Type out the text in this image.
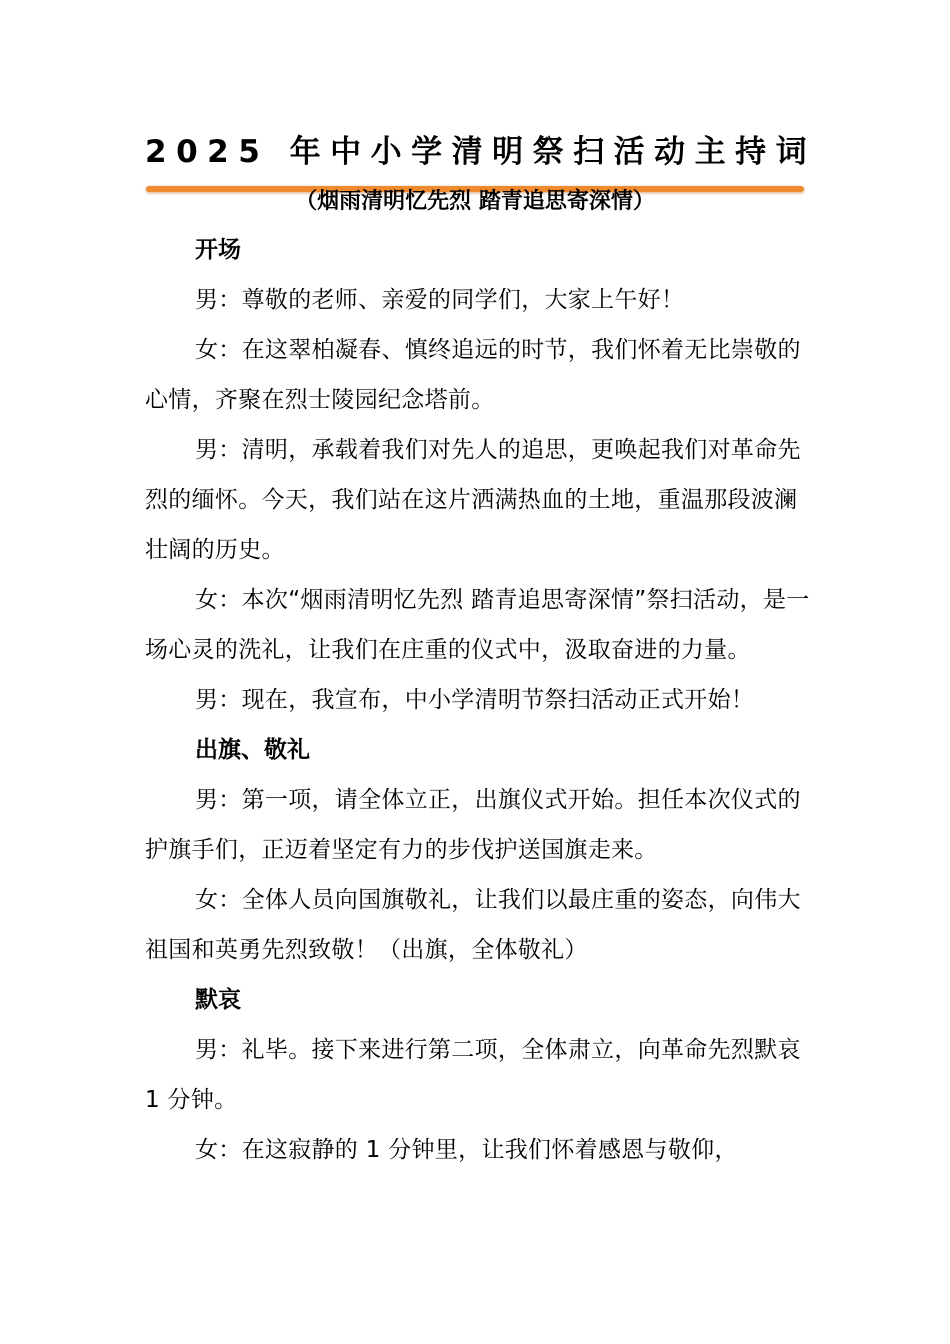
2025 年中小学清明祭扫活动主持词
（烟雨清明忆先烈 踏青追思寄深情）

开场

男：尊敬的老师、亲爱的同学们，大家上午好！

女：在这翠柏凝春、慎终追远的时节，我们怀着无比崇敬的心情，齐聚在烈士陵园纪念塔前。

男：清明，承载着我们对先人的追思，更唤起我们对革命先烈的缅怀。今天，我们站在这片洒满热血的土地，重温那段波澜壮阔的历史。

女：本次“烟雨清明忆先烈 踏青追思寄深情”祭扫活动，是一场心灵的洗礼，让我们在庄重的仪式中，汲取奋进的力量。

男：现在，我宣布，中小学清明节祭扫活动正式开始！

出旗、敬礼

男：第一项，请全体立正，出旗仪式开始。担任本次仪式的护旗手们，正迈着坚定有力的步伐护送国旗走来。

女：全体人员向国旗敬礼，让我们以最庄重的姿态，向伟大祖国和英勇先烈致敬！（出旗，全体敬礼）

默哀

男：礼毕。接下来进行第二项，全体肃立，向革命先烈默哀 1 分钟。

女：在这寂静的 1 分钟里，让我们怀着感恩与敬仰，
